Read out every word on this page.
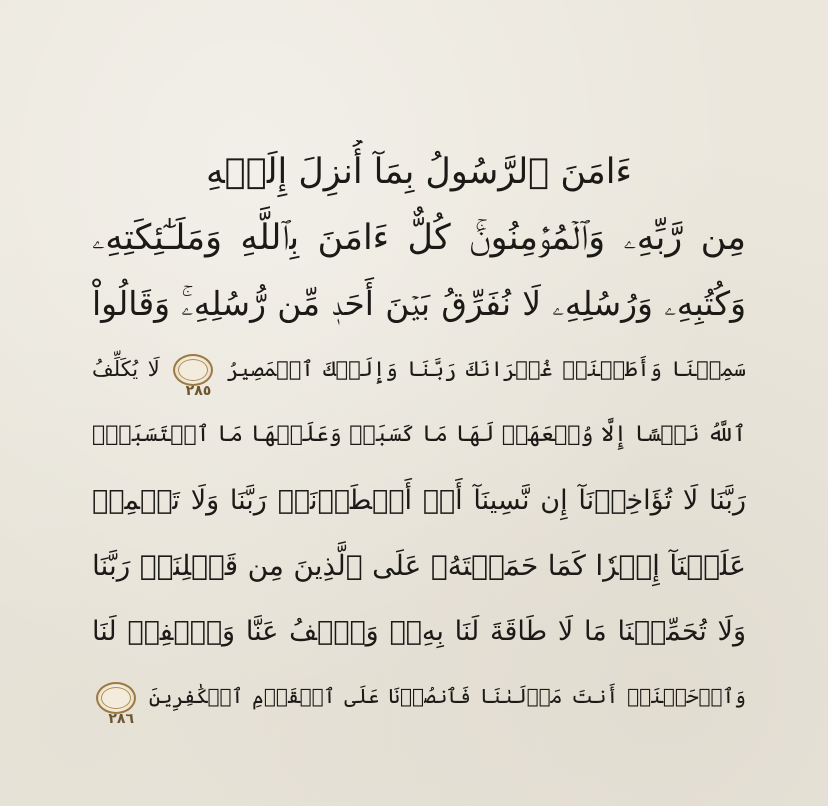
ءَامَنَ ٱلرَّسُولُ بِمَآ أُنزِلَ إِلَيۡهِ
مِن رَّبِّهِۦ وَٱلۡمُؤۡمِنُونَۚ كُلٌّ ءَامَنَ بِٱللَّهِ وَمَلَـٰٓئِكَتِهِۦ
وَكُتُبِهِۦ وَرُسُلِهِۦ لَا نُفَرِّقُ بَيۡنَ أَحَدٖ مِّن رُّسُلِهِۦۚ وَقَالُواْ
سَمِعۡنَا وَأَطَعۡنَاۖ غُفۡرَانَكَ رَبَّنَا وَإِلَيۡكَ ٱلۡمَصِيرُ ٢٨٥ لَا يُكَلِّفُ
ٱللَّهُ نَفۡسًا إِلَّا وُسۡعَهَاۚ لَهَا مَا كَسَبَتۡ وَعَلَيۡهَا مَا ٱكۡتَسَبَتۡۗ
رَبَّنَا لَا تُؤَاخِذۡنَآ إِن نَّسِينَآ أَوۡ أَخۡطَأۡنَاۚ رَبَّنَا وَلَا تَحۡمِلۡ
عَلَيۡنَآ إِصۡرٗا كَمَا حَمَلۡتَهُۥ عَلَى ٱلَّذِينَ مِن قَبۡلِنَاۚ رَبَّنَا
وَلَا تُحَمِّلۡنَا مَا لَا طَاقَةَ لَنَا بِهِۦۖ وَٱعۡفُ عَنَّا وَٱغۡفِرۡ لَنَا
وَٱرۡحَمۡنَآۚ أَنتَ مَوۡلَىٰنَا فَٱنصُرۡنَا عَلَى ٱلۡقَوۡمِ ٱلۡكَٰفِرِينَ ٢٨٦
